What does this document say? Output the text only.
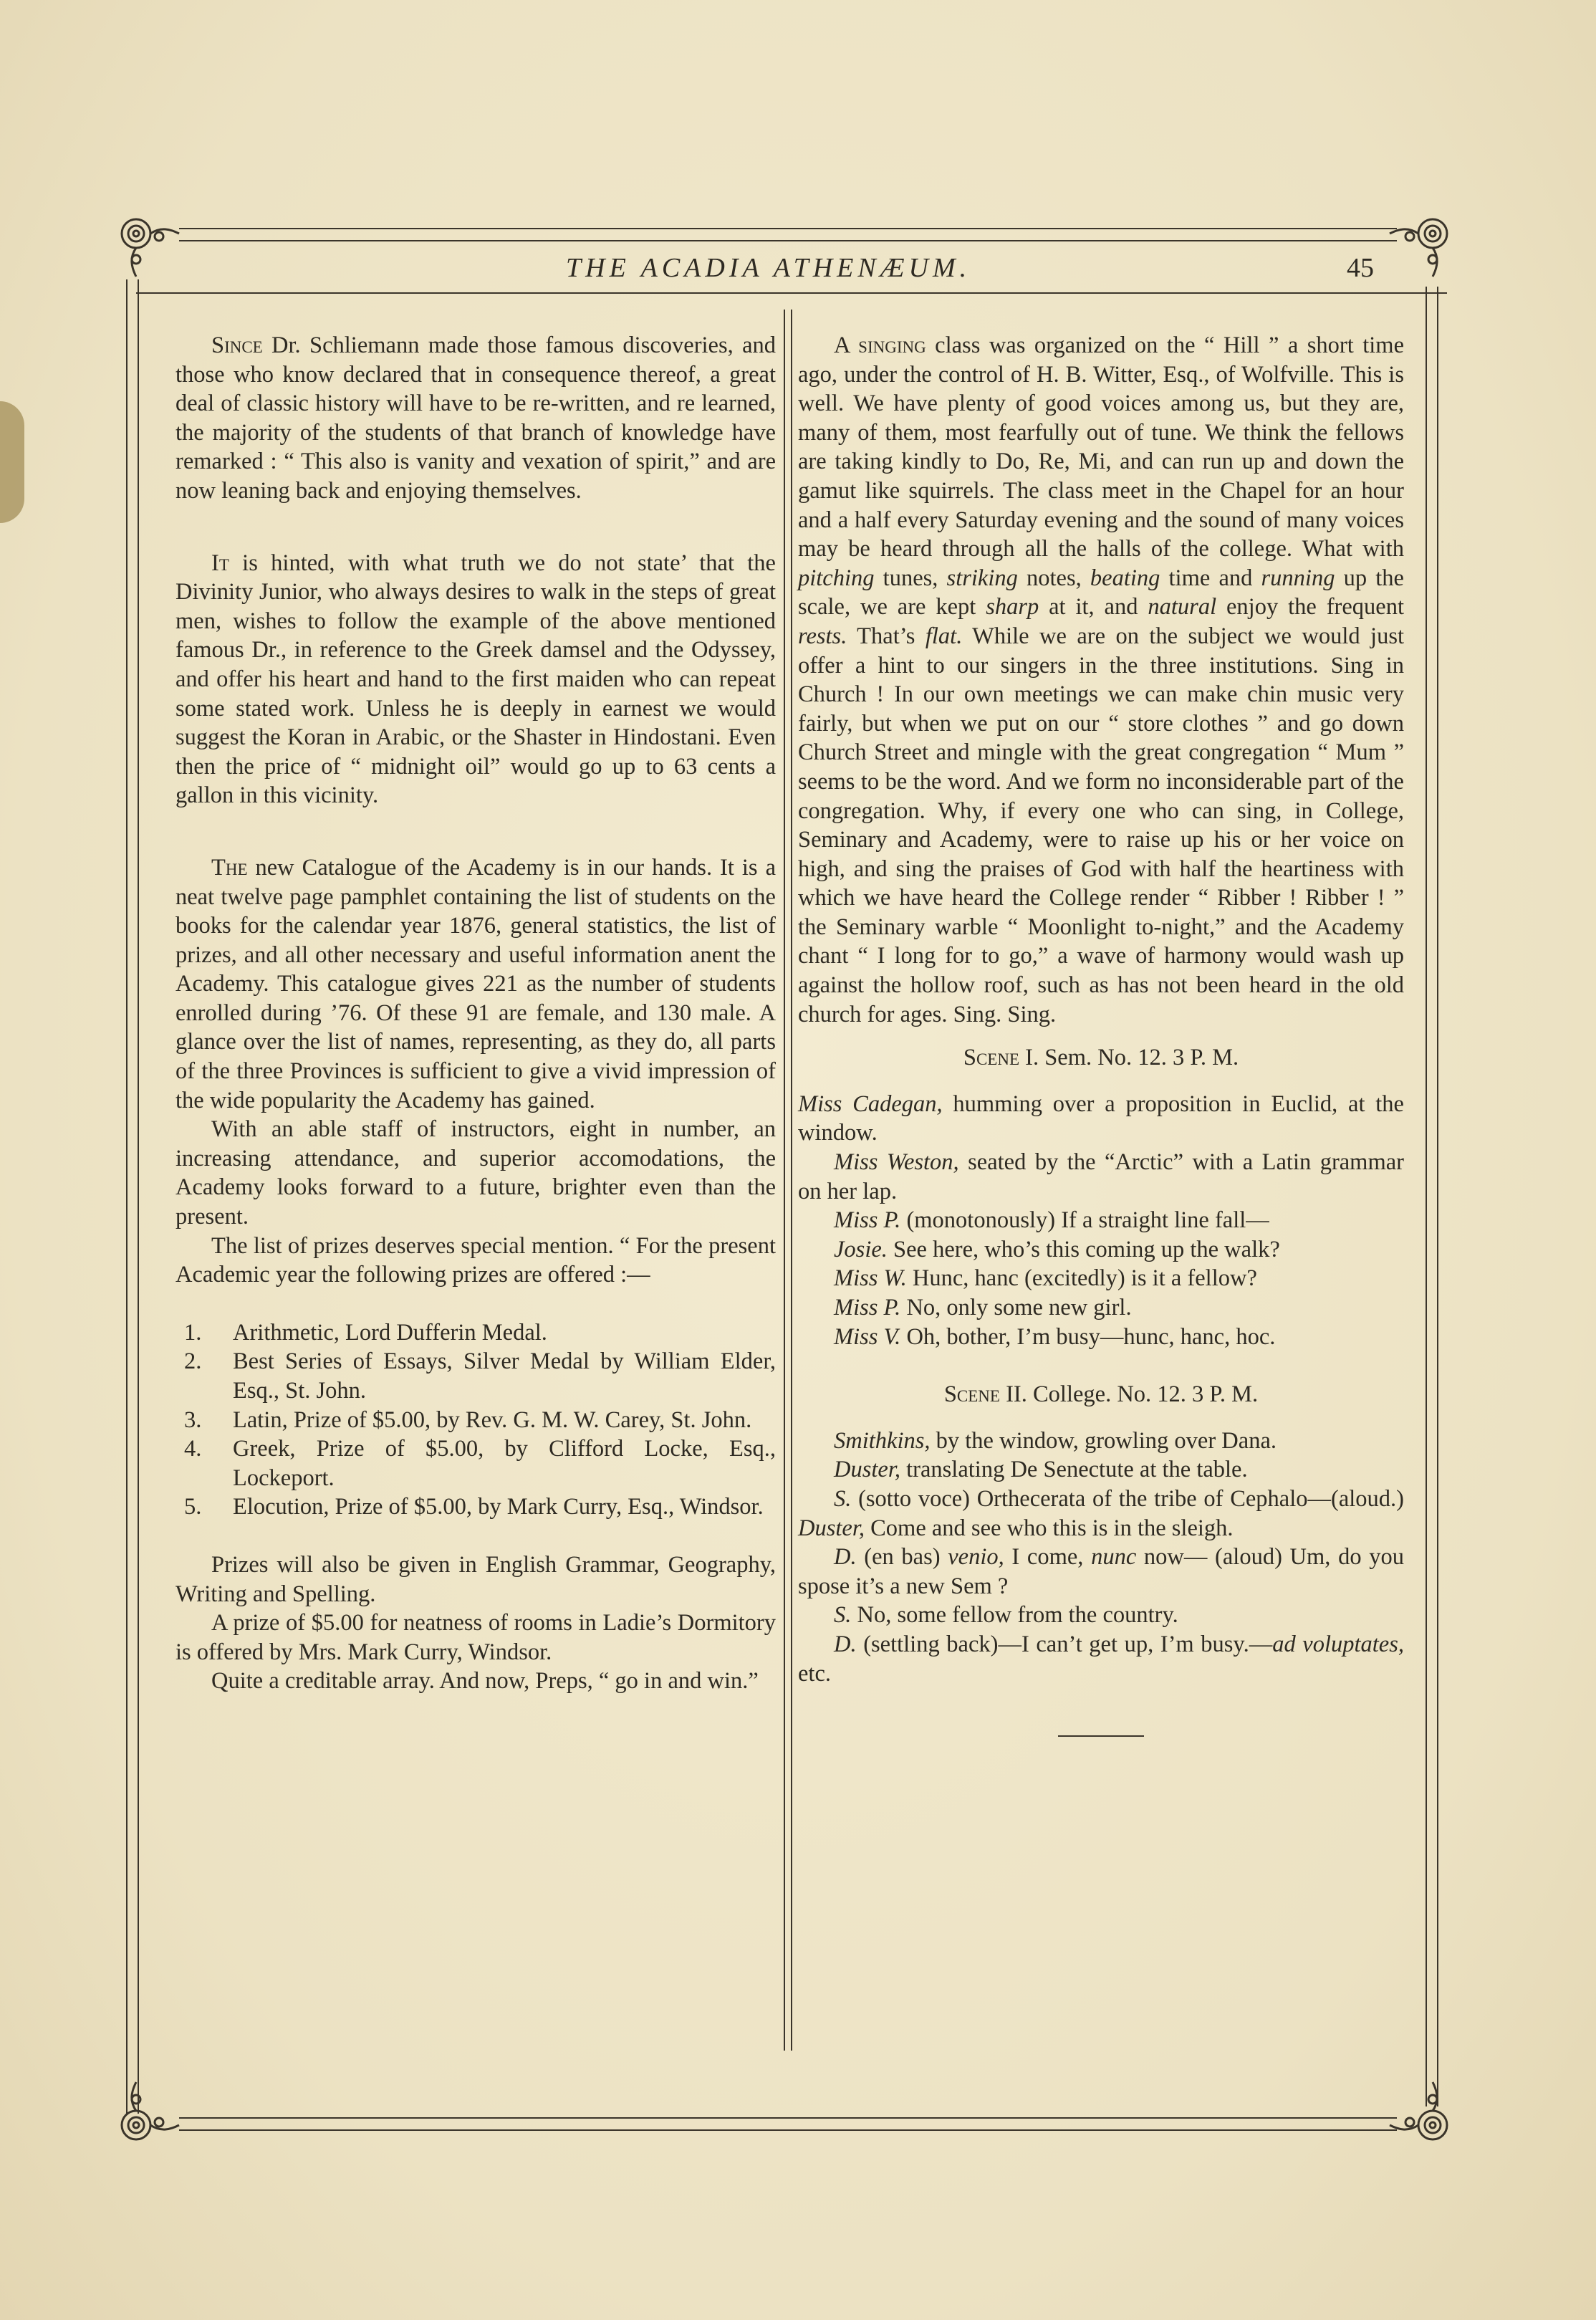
THE ACADIA ATHENÆUM.	45

Since Dr. Schliemann made those famous discoveries, and those who know declared that in consequence thereof, a great deal of classic history will have to be re-written, and re learned, the majority of the students of that branch of knowledge have remarked : “ This also is vanity and vexation of spirit,” and are now leaning back and enjoying themselves.

It is hinted, with what truth we do not state’ that the Divinity Junior, who always desires to walk in the steps of great men, wishes to follow the example of the above mentioned famous Dr., in reference to the Greek damsel and the Odyssey, and offer his heart and hand to the first maiden who can repeat some stated work. Unless he is deeply in earnest we would suggest the Koran in Arabic, or the Shaster in Hindostani. Even then the price of “ midnight oil” would go up to 63 cents a gallon in this vicinity.

The new Catalogue of the Academy is in our hands. It is a neat twelve page pamphlet containing the list of students on the books for the calendar year 1876, general statistics, the list of prizes, and all other necessary and useful information anent the Academy. This catalogue gives 221 as the number of students enrolled during ’76. Of these 91 are female, and 130 male. A glance over the list of names, representing, as they do, all parts of the three Provinces is sufficient to give a vivid impression of the wide popularity the Academy has gained.

With an able staff of instructors, eight in number, an increasing attendance, and superior accomodations, the Academy looks forward to a future, brighter even than the present.

The list of prizes deserves special mention. “ For the present Academic year the following prizes are offered :—

1. Arithmetic, Lord Dufferin Medal.
2. Best Series of Essays, Silver Medal by William Elder, Esq., St. John.
3. Latin, Prize of $5.00, by Rev. G. M. W. Carey, St. John.
4. Greek, Prize of $5.00, by Clifford Locke, Esq., Lockeport.
5. Elocution, Prize of $5.00, by Mark Curry, Esq., Windsor.

Prizes will also be given in English Grammar, Geography, Writing and Spelling.

A prize of $5.00 for neatness of rooms in Ladie’s Dormitory is offered by Mrs. Mark Curry, Windsor.

Quite a creditable array. And now, Preps, “ go in and win.”

A singing class was organized on the “ Hill ” a short time ago, under the control of H. B. Witter, Esq., of Wolfville. This is well. We have plenty of good voices among us, but they are, many of them, most fearfully out of tune. We think the fellows are taking kindly to Do, Re, Mi, and can run up and down the gamut like squirrels. The class meet in the Chapel for an hour and a half every Saturday evening and the sound of many voices may be heard through all the halls of the college. What with pitching tunes, striking notes, beating time and running up the scale, we are kept sharp at it, and natural enjoy the frequent rests. That’s flat. While we are on the subject we would just offer a hint to our singers in the three institutions. Sing in Church ! In our own meetings we can make chin music very fairly, but when we put on our “ store clothes ” and go down Church Street and mingle with the great congregation “ Mum ” seems to be the word. And we form no inconsiderable part of the congregation. Why, if every one who can sing, in College, Seminary and Academy, were to raise up his or her voice on high, and sing the praises of God with half the heartiness with which we have heard the College render “ Ribber ! Ribber ! ” the Seminary warble “ Moonlight to-night,” and the Academy chant “ I long for to go,” a wave of harmony would wash up against the hollow roof, such as has not been heard in the old church for ages. Sing. Sing.

Scene I. Sem. No. 12. 3 P. M.

Miss Cadegan, humming over a proposition in Euclid, at the window.

Miss Weston, seated by the “Arctic” with a Latin grammar on her lap.

Miss P. (monotonously) If a straight line fall—

Josie. See here, who’s this coming up the walk?

Miss W. Hunc, hanc (excitedly) is it a fellow?

Miss P. No, only some new girl.

Miss V. Oh, bother, I’m busy—hunc, hanc, hoc.

Scene II. College. No. 12. 3 P. M.

Smithkins, by the window, growling over Dana.

Duster, translating De Senectute at the table.

S. (sotto voce) Orthecerata of the tribe of Cephalo—(aloud.) Duster, Come and see who this is in the sleigh.

D. (en bas) venio, I come, nunc now— (aloud) Um, do you spose it’s a new Sem ?

S. No, some fellow from the country.

D. (settling back)—I can’t get up, I’m busy.—ad voluptates, etc.
